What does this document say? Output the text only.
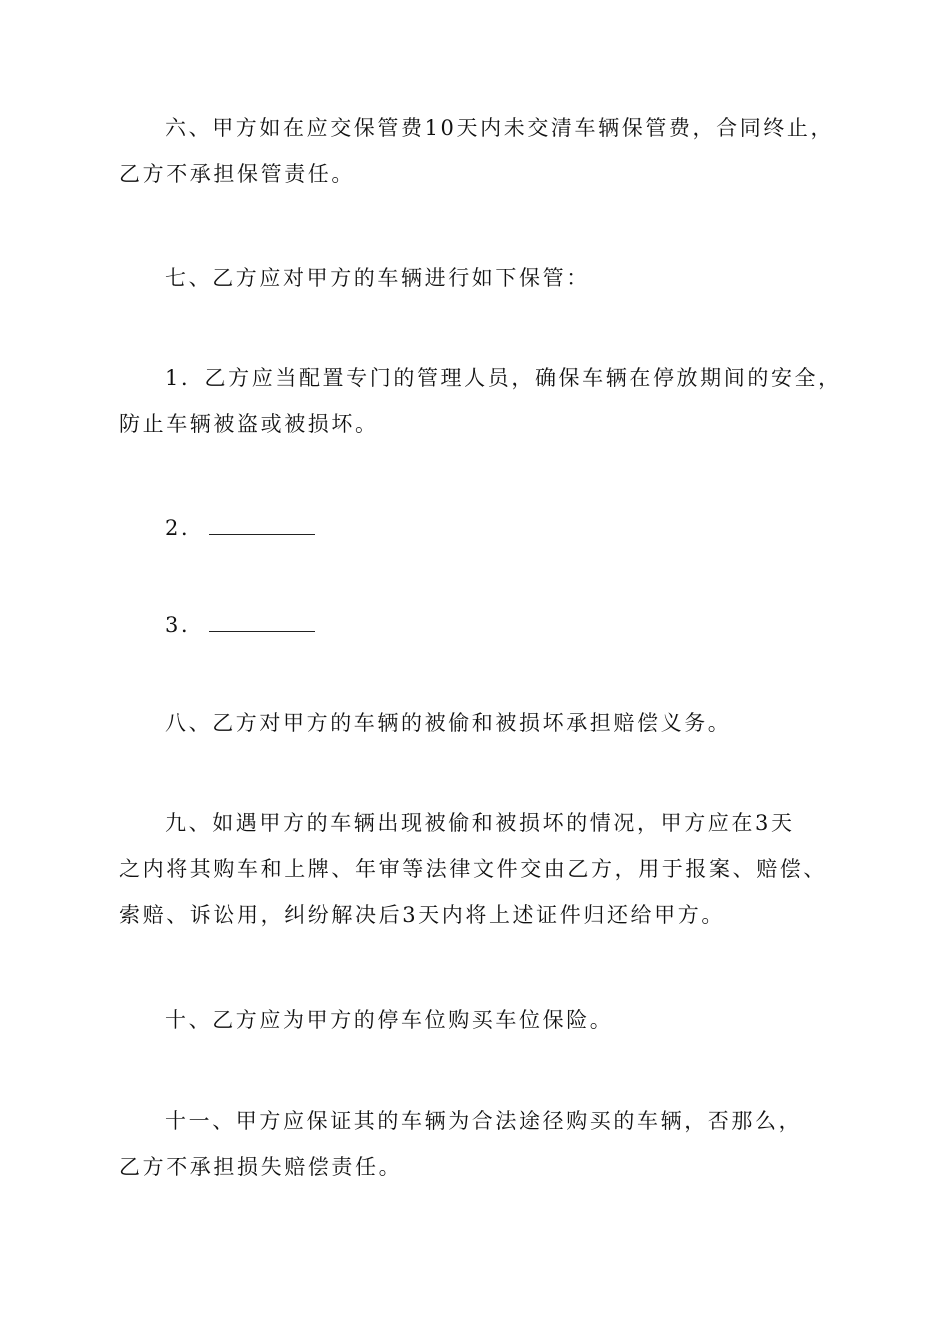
六、甲方如在应交保管费10天内未交清车辆保管费，合同终止，
乙方不承担保管责任。
七、乙方应对甲方的车辆进行如下保管：
1．乙方应当配置专门的管理人员，确保车辆在停放期间的安全，
防止车辆被盗或被损坏。
2．
3．
八、乙方对甲方的车辆的被偷和被损坏承担赔偿义务。
九、如遇甲方的车辆出现被偷和被损坏的情况，甲方应在3天
之内将其购车和上牌、年审等法律文件交由乙方，用于报案、赔偿、
索赔、诉讼用，纠纷解决后3天内将上述证件归还给甲方。
十、乙方应为甲方的停车位购买车位保险。
十一、甲方应保证其的车辆为合法途径购买的车辆，否那么，
乙方不承担损失赔偿责任。
